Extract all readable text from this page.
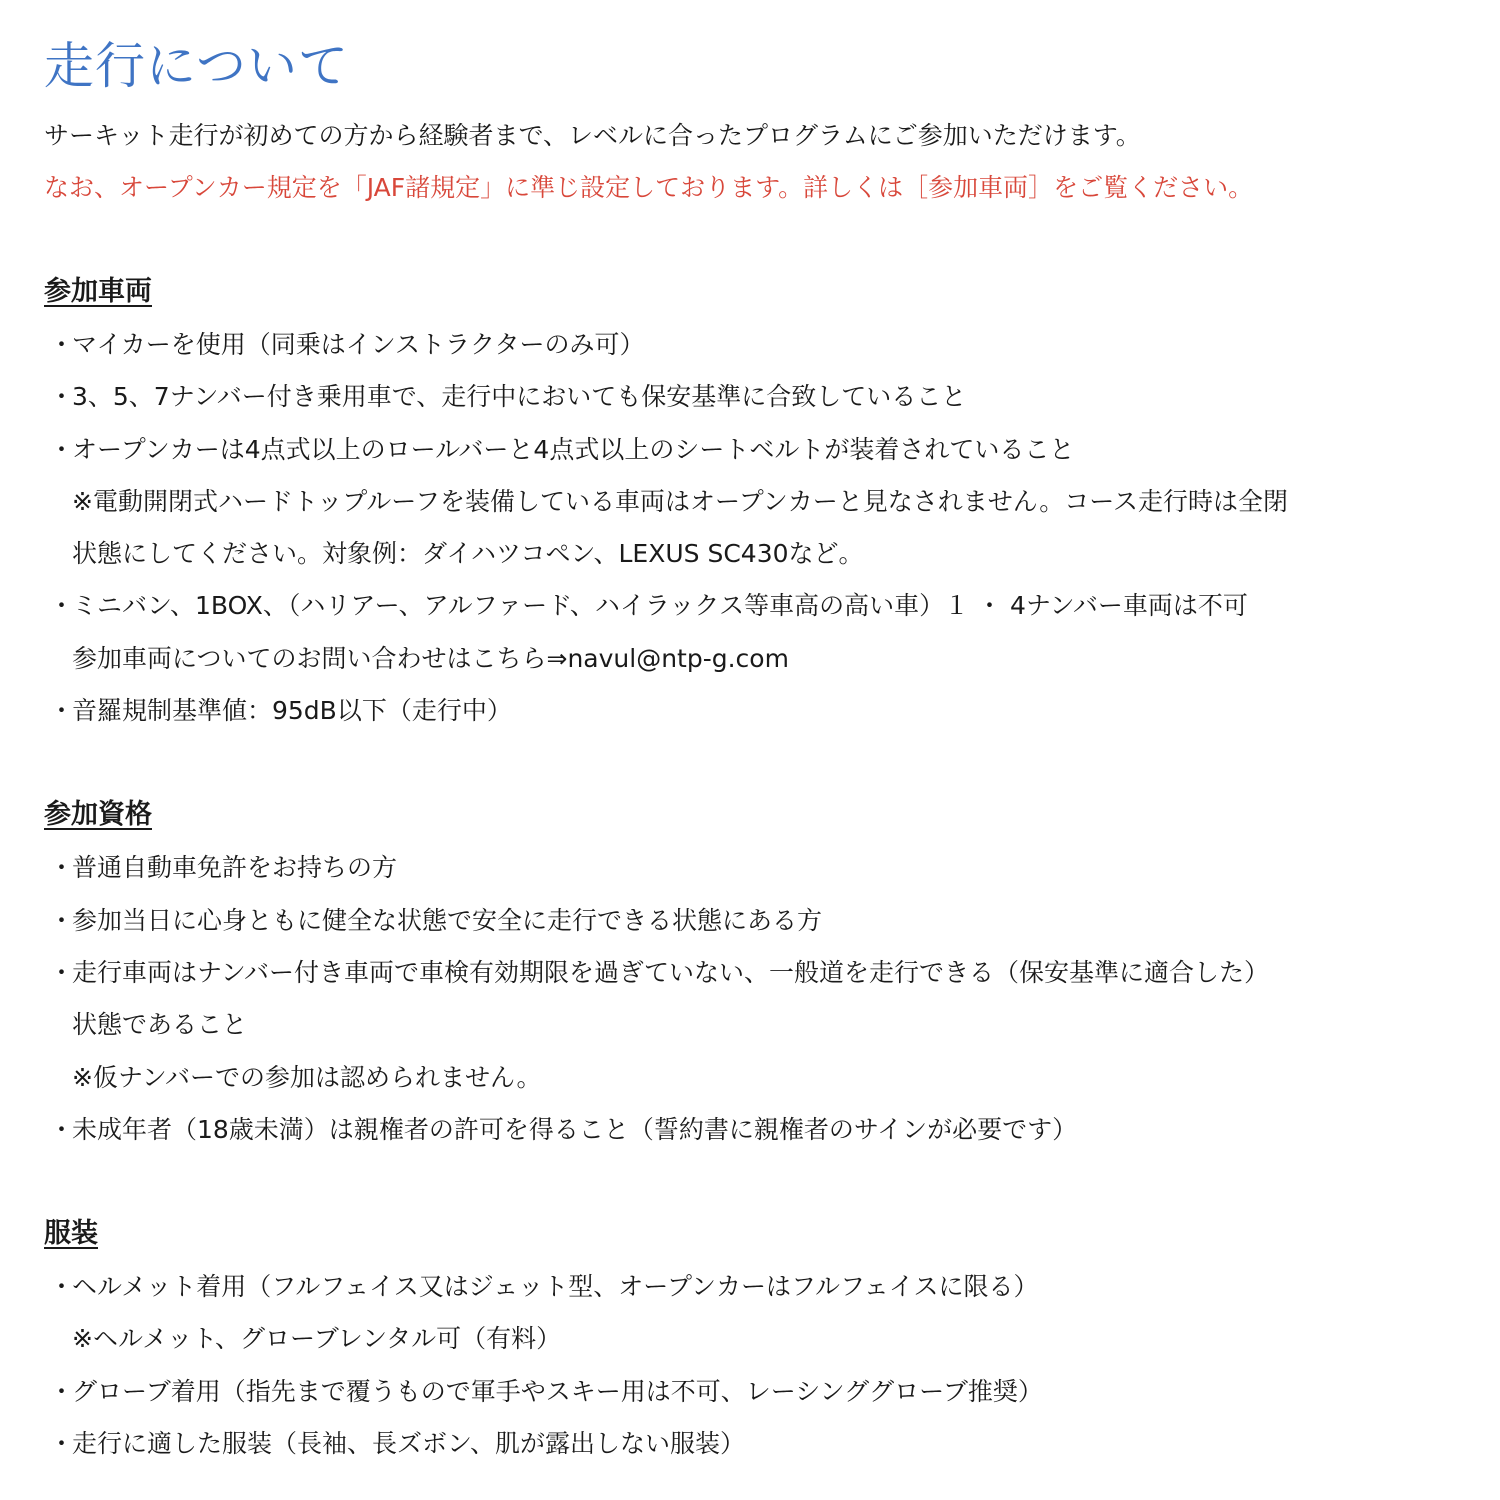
走行について

サーキット走行が初めての方から経験者まで、レベルに合ったプログラムにご参加いただけます。

なお、オープンカー規定を「JAF諸規定」に準じ設定しております。詳しくは［参加車両］をご覧ください。

参加車両
・
マイカーを使用（同乗はインストラクターのみ可）
・
3、5、7ナンバー付き乗用車で、走行中においても保安基準に合致していること
・
オープンカーは4点式以上のロールバーと4点式以上のシートベルトが装着されていること
※電動開閉式ハードトップルーフを装備している車両はオープンカーと見なされません。コース走行時は全閉
状態にしてください。対象例：ダイハツコペン、LEXUS SC430など。
・
ミニバン、1BOX、（ハリアー、アルファード、ハイラックス等車高の高い車）１ ・ 4ナンバー車両は不可
参加車両についてのお問い合わせはこちら⇒navul@ntp-g.com
・
音羅規制基準値：95dB以下（走行中）
参加資格
・
普通自動車免許をお持ちの方
・
参加当日に心身ともに健全な状態で安全に走行できる状態にある方
・
走行車両はナンバー付き車両で車検有効期限を過ぎていない、一般道を走行できる（保安基準に適合した）
状態であること
※仮ナンバーでの参加は認められません。
・
未成年者（18歳未満）は親権者の許可を得ること（誓約書に親権者のサインが必要です）
服装
・
ヘルメット着用（フルフェイス又はジェット型、オープンカーはフルフェイスに限る）
※ヘルメット、グローブレンタル可（有料）
・
グローブ着用（指先まで覆うもので軍手やスキー用は不可、レーシンググローブ推奨）
・
走行に適した服装（長袖、長ズボン、肌が露出しない服装）
